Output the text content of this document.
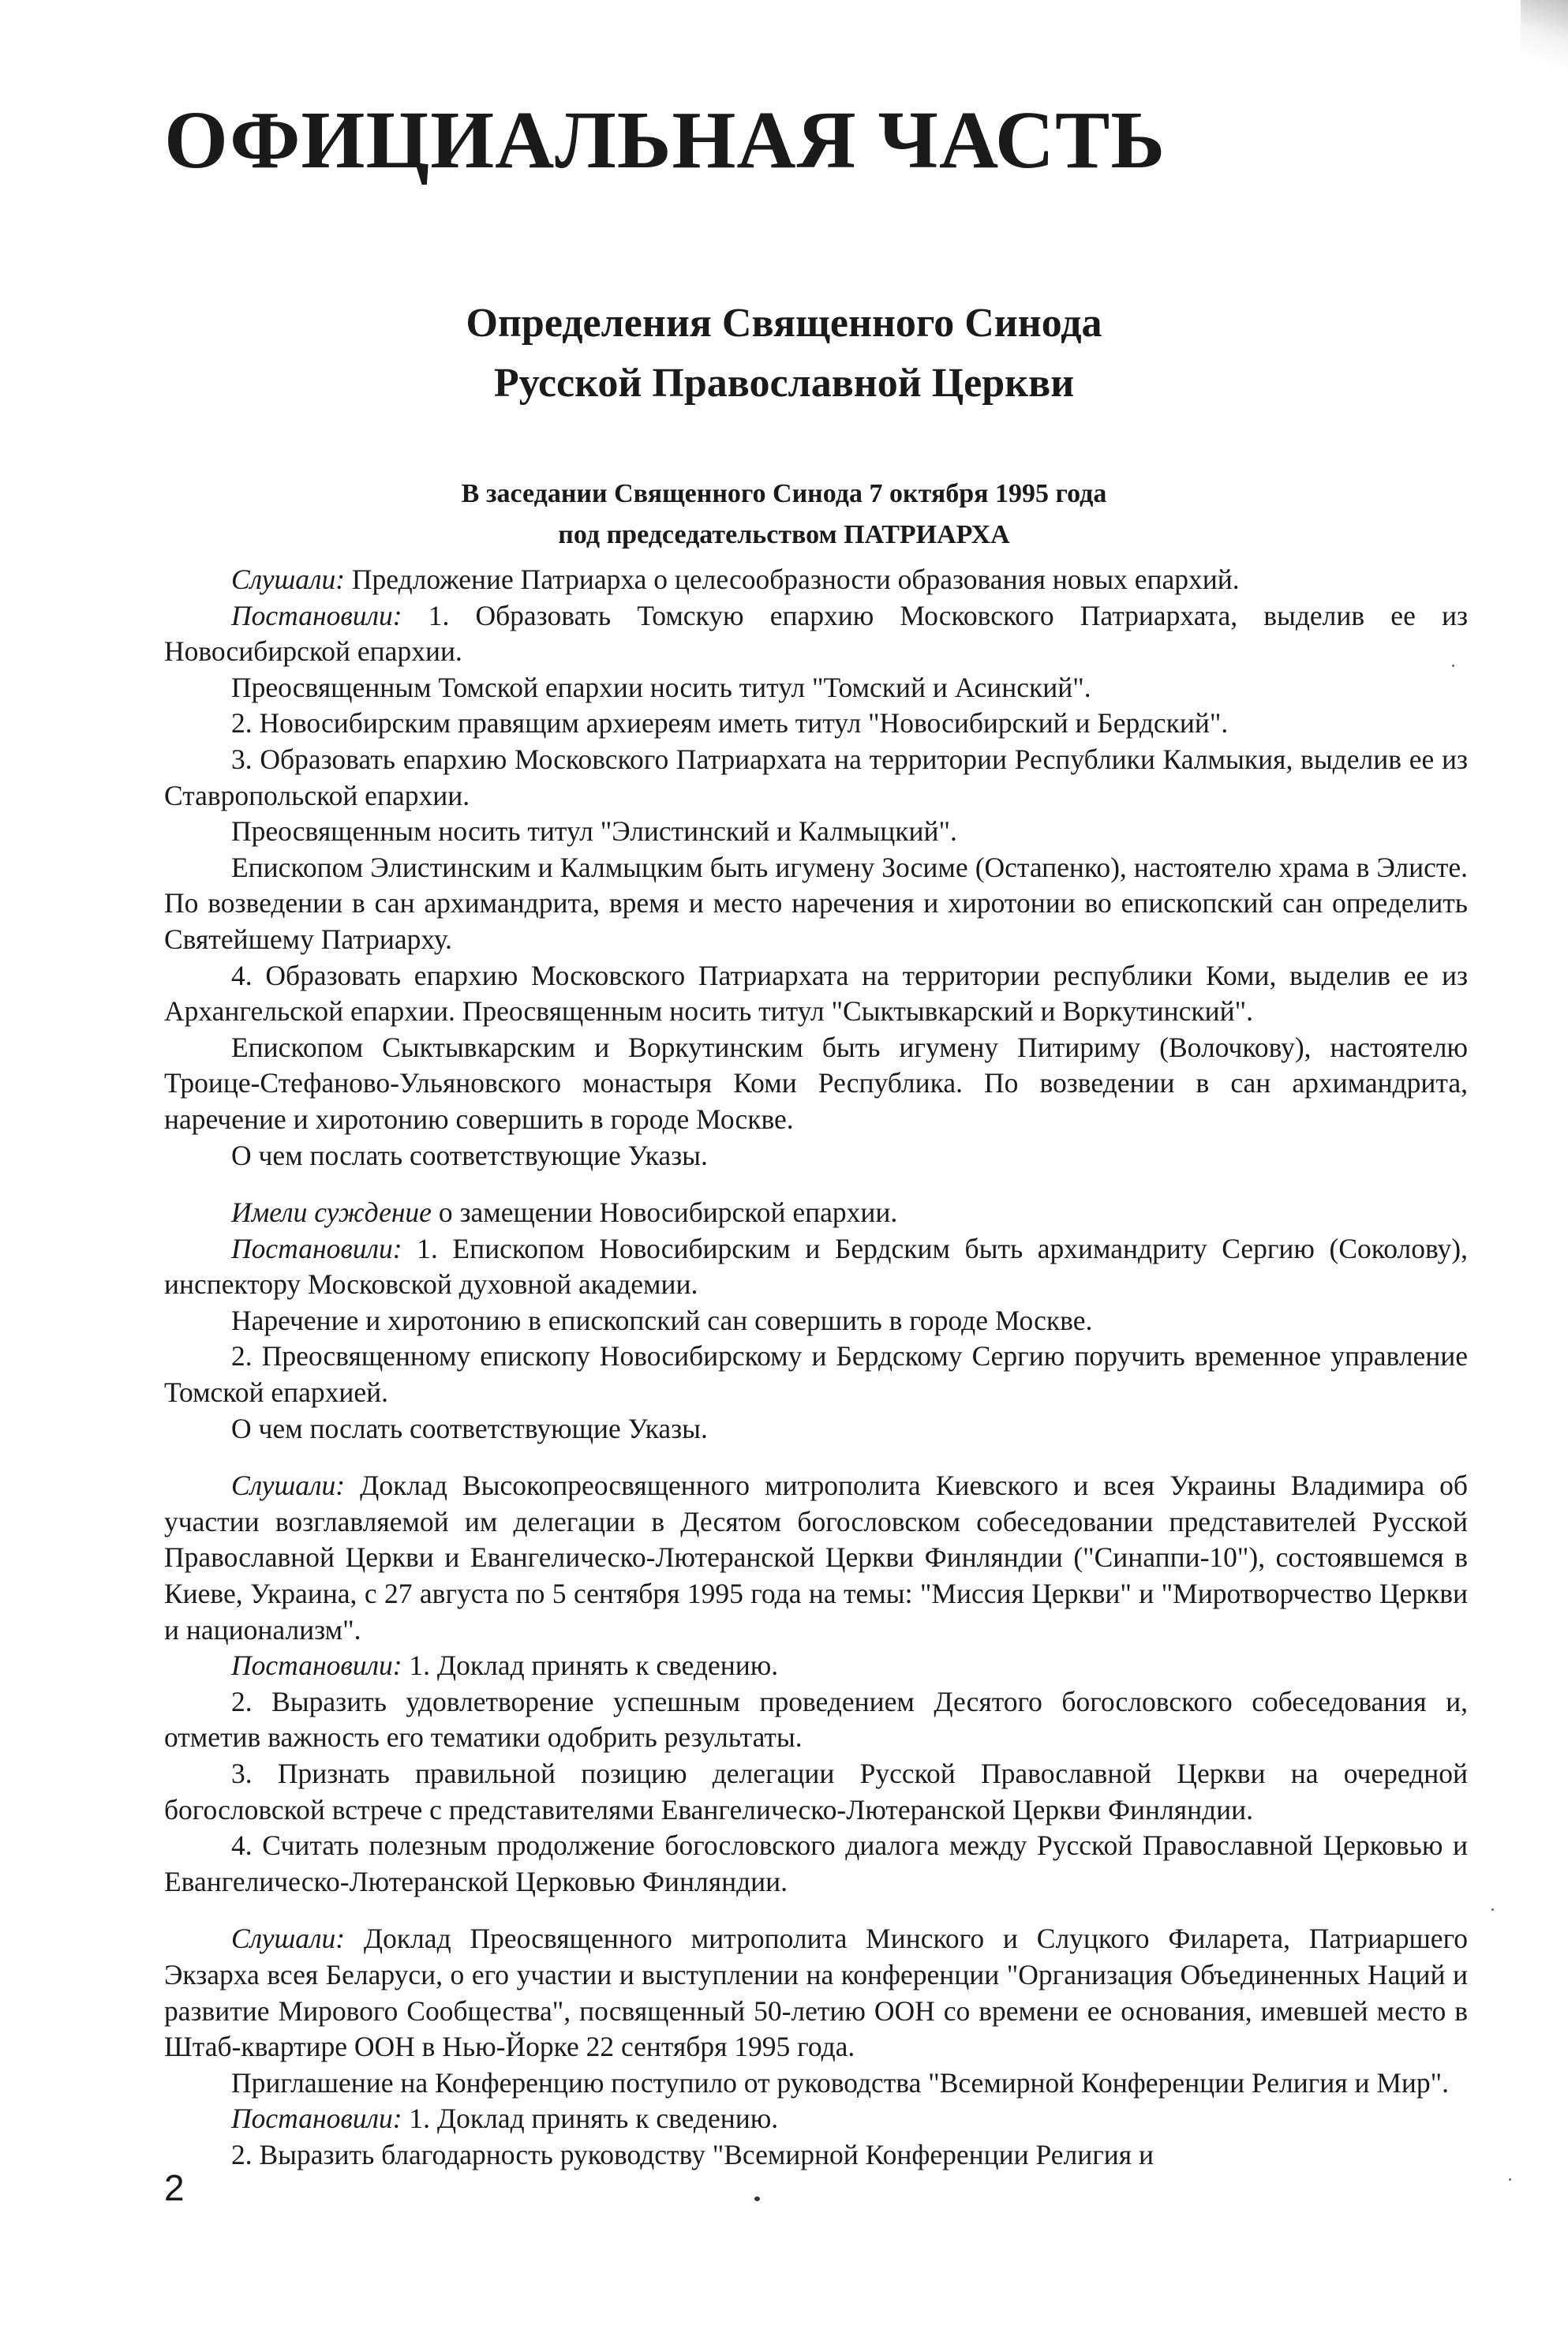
ОФИЦИАЛЬНАЯ ЧАСТЬ
Определения Священного Синода
Русской Православной Церкви
В заседании Священного Синода 7 октября 1995 года
под председательством ПАТРИАРХА

Слушали: Предложение Патриарха о целесообразности образования новых епархий.

Постановили: 1. Образовать Томскую епархию Московского Патриархата, выделив ее из Новосибирской епархии.

Преосвященным Томской епархии носить титул "Томский и Асинский".

2. Новосибирским правящим архиереям иметь титул "Новосибирский и Бердский".

3. Образовать епархию Московского Патриархата на территории Республики Калмыкия, выделив ее из Ставропольской епархии.

Преосвященным носить титул "Элистинский и Калмыцкий".

Епископом Элистинским и Калмыцким быть игумену Зосиме (Остапенко), настоятелю храма в Элисте. По возведении в сан архимандрита, время и место наречения и хиротонии во епископский сан определить Святейшему Патриарху.

4. Образовать епархию Московского Патриархата на территории республики Коми, выделив ее из Архангельской епархии. Преосвященным носить титул "Сыктывкарский и Воркутинский".

Епископом Сыктывкарским и Воркутинским быть игумену Питириму (Волочкову), настоятелю Троице-Стефаново-Ульяновского монастыря Коми Республика. По возведении в сан архимандрита, наречение и хиротонию совершить в городе Москве.

О чем послать соответствующие Указы.

Имели суждение о замещении Новосибирской епархии.

Постановили: 1. Епископом Новосибирским и Бердским быть архимандриту Сергию (Соколову), инспектору Московской духовной академии.

Наречение и хиротонию в епископский сан совершить в городе Москве.

2. Преосвященному епископу Новосибирскому и Бердскому Сергию поручить временное управление Томской епархией.

О чем послать соответствующие Указы.

Слушали: Доклад Высокопреосвященного митрополита Киевского и всея Украины Владимира об участии возглавляемой им делегации в Десятом богословском собеседовании представителей Русской Православной Церкви и Евангелическо-Лютеранской Церкви Финляндии ("Синаппи-10"), состоявшемся в Киеве, Украина, с 27 августа по 5 сентября 1995 года на темы: "Миссия Церкви" и "Миротворчество Церкви и национализм".

Постановили: 1. Доклад принять к сведению.

2. Выразить удовлетворение успешным проведением Десятого богословского собеседования и, отметив важность его тематики одобрить результаты.

3. Признать правильной позицию делегации Русской Православной Церкви на очередной богословской встрече с представителями Евангелическо-Лютеранской Церкви Финляндии.

4. Считать полезным продолжение богословского диалога между Русской Православной Церковью и Евангелическо-Лютеранской Церковью Финляндии.

Слушали: Доклад Преосвященного митрополита Минского и Слуцкого Филарета, Патриаршего Экзарха всея Беларуси, о его участии и выступлении на конференции "Организация Объединенных Наций и развитие Мирового Сообщества", посвященный 50-летию ООН со времени ее основания, имевшей место в Штаб-квартире ООН в Нью-Йорке 22 сентября 1995 года.

Приглашение на Конференцию поступило от руководства "Всемирной Конференции Религия и Мир".

Постановили: 1. Доклад принять к сведению.

2. Выразить благодарность руководству "Всемирной Конференции Религия и

2
